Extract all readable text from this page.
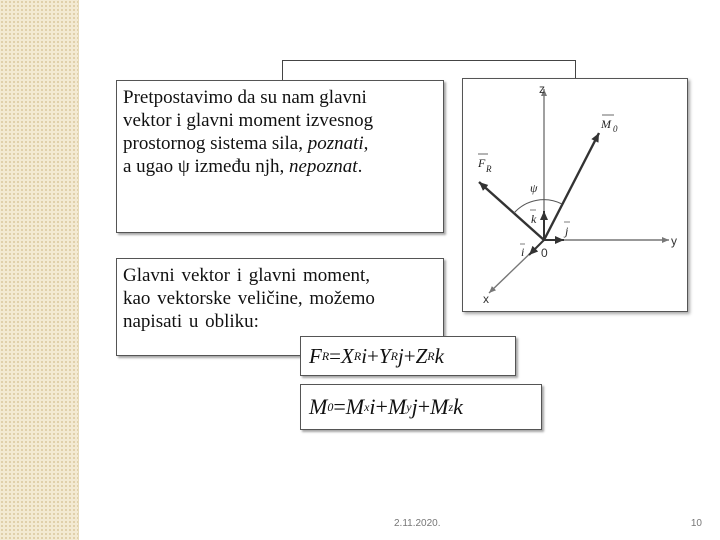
Pretpostavimo da su nam glavni
vektor i glavni moment izvesnog
prostornog sistema sila, poznati,
a ugao ψ između njh, nepoznat.
Glavni vektor i glavni moment,
kao vektorske veličine, možemo
napisati u obliku:
z
y
x
0
M 0
F R
ψ
k
j
i
F R = X R i + Y R j + Z R k
M 0 = M x i + M y j + M z k
2.11.2020.	10
